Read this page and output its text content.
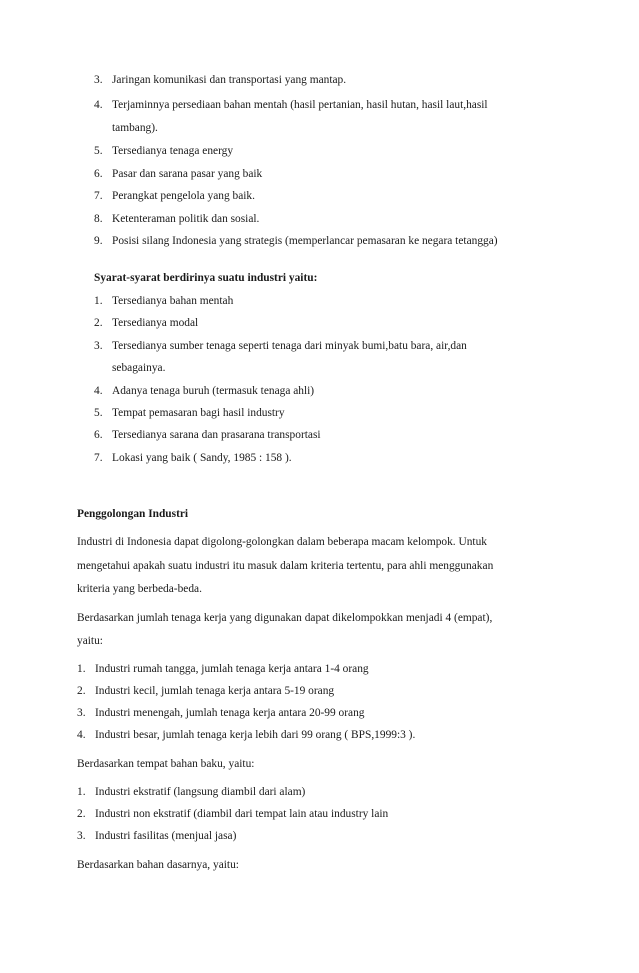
3. Jaringan komunikasi dan transportasi yang mantap.
4. Terjaminnya persediaan bahan mentah (hasil pertanian, hasil hutan, hasil laut,hasil
tambang).
5. Tersedianya tenaga energy
6. Pasar dan sarana pasar yang baik
7. Perangkat pengelola yang baik.
8. Ketenteraman politik dan sosial.
9. Posisi silang Indonesia yang strategis (memperlancar pemasaran ke negara tetangga)
Syarat-syarat berdirinya suatu industri yaitu:
1. Tersedianya bahan mentah
2. Tersedianya modal
3. Tersedianya sumber tenaga seperti tenaga dari minyak bumi,batu bara, air,dan
sebagainya.
4. Adanya tenaga buruh (termasuk tenaga ahli)
5. Tempat pemasaran bagi hasil industry
6. Tersedianya sarana dan prasarana transportasi
7. Lokasi yang baik ( Sandy, 1985 : 158 ).
Penggolongan Industri
Industri di Indonesia dapat digolong-golongkan dalam beberapa macam kelompok. Untuk
mengetahui apakah suatu industri itu masuk dalam kriteria tertentu, para ahli menggunakan
kriteria yang berbeda-beda.
Berdasarkan jumlah tenaga kerja yang digunakan dapat dikelompokkan menjadi 4 (empat),
yaitu:
1. Industri rumah tangga, jumlah tenaga kerja antara 1-4 orang
2. Industri kecil, jumlah tenaga kerja antara 5-19 orang
3. Industri menengah, jumlah tenaga kerja antara 20-99 orang
4. Industri besar, jumlah tenaga kerja lebih dari 99 orang ( BPS,1999:3 ).
Berdasarkan tempat bahan baku, yaitu:
1. Industri ekstratif (langsung diambil dari alam)
2. Industri non ekstratif (diambil dari tempat lain atau industry lain
3. Industri fasilitas (menjual jasa)
Berdasarkan bahan dasarnya, yaitu:
